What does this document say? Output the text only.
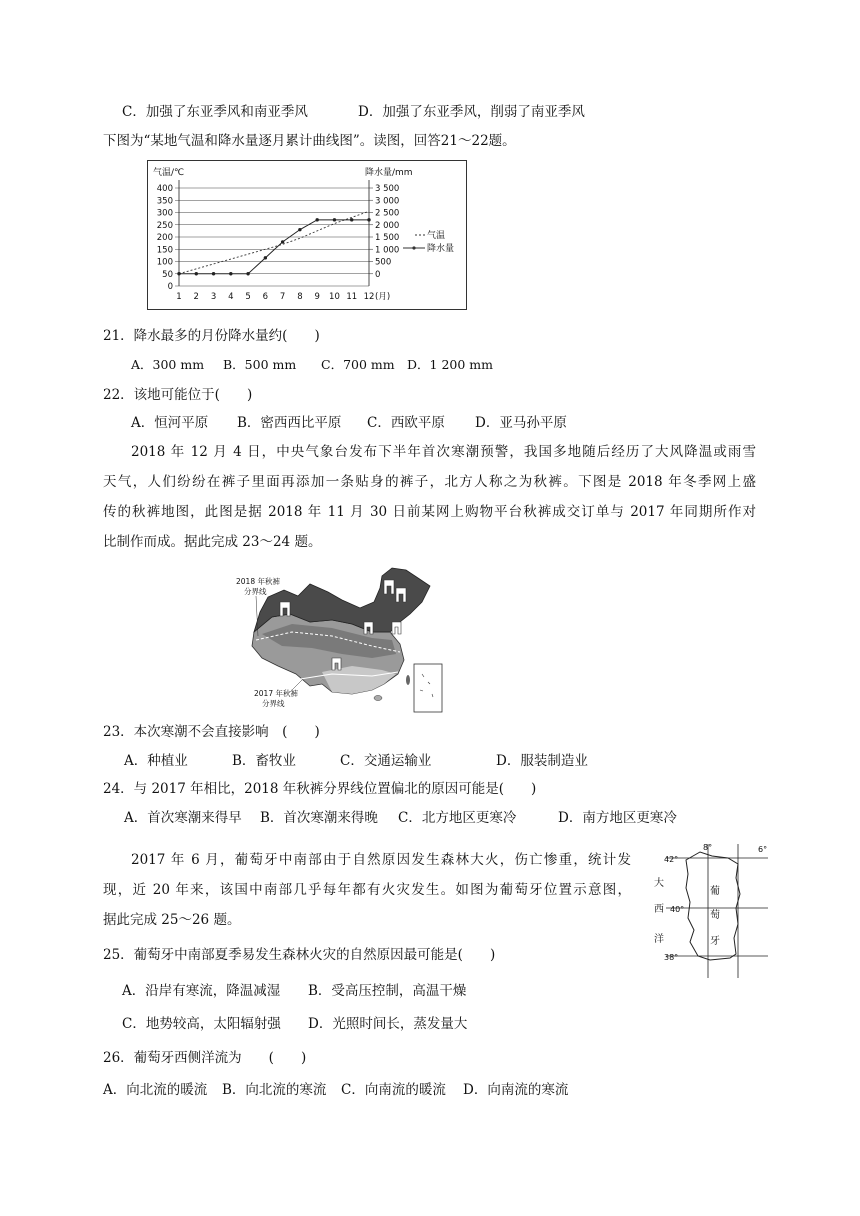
C．加强了东亚季风和南亚季风	D．加强了东亚季风，削弱了南亚季风
下图为“某地气温和降水量逐月累计曲线图”。读图，回答21～22题。
气温/℃	降水量/mm
0
50
100
150
200
250
300
350
400
0
500
1 000
1 500
2 000
2 500
3 000
3 500
1 2 3 4 5 6 7 8 9 10 11 12 (月)
气温
降水量
21．降水最多的月份降水量约(　　)
A．300 mm B．500 mm C．700 mm D．1 200 mm
22．该地可能位于(　　)
A．恒河平原 B．密西西比平原 C．西欧平原 D．亚马孙平原
2018 年 12 月 4 日，中央气象台发布下半年首次寒潮预警，我国多地随后经历了大风降温或雨雪
天气，人们纷纷在裤子里面再添加一条贴身的裤子，北方人称之为秋裤。下图是 2018 年冬季网上盛
传的秋裤地图，此图是据 2018 年 11 月 30 日前某网上购物平台秋裤成交订单与 2017 年同期所作对
比制作而成。据此完成 23～24 题。
2018 年秋裤
分界线
2017 年秋裤
分界线
23．本次寒潮不会直接影响　(　　)
A．种植业	B．畜牧业	C．交通运输业	D．服装制造业
24．与 2017 年相比，2018 年秋裤分界线位置偏北的原因可能是(　　)
A．首次寒潮来得早 B．首次寒潮来得晚 C．北方地区更寒冷	D．南方地区更寒冷
2017 年 6 月，葡萄牙中南部由于自然原因发生森林大火，伤亡惨重，统计发
现，近 20 年来，该国中南部几乎每年都有火灾发生。如图为葡萄牙位置示意图，
据此完成 25～26 题。
8°	6°
42°
40°
38°
大
西
洋
葡
萄
牙
25．葡萄牙中南部夏季易发生森林火灾的自然原因最可能是(　　)
A．沿岸有寒流，降温减湿 B．受高压控制，高温干燥
C．地势较高，太阳辐射强 D．光照时间长，蒸发量大
26．葡萄牙西侧洋流为　　(　　)
A．向北流的暖流 B．向北流的寒流 C．向南流的暖流 D．向南流的寒流
